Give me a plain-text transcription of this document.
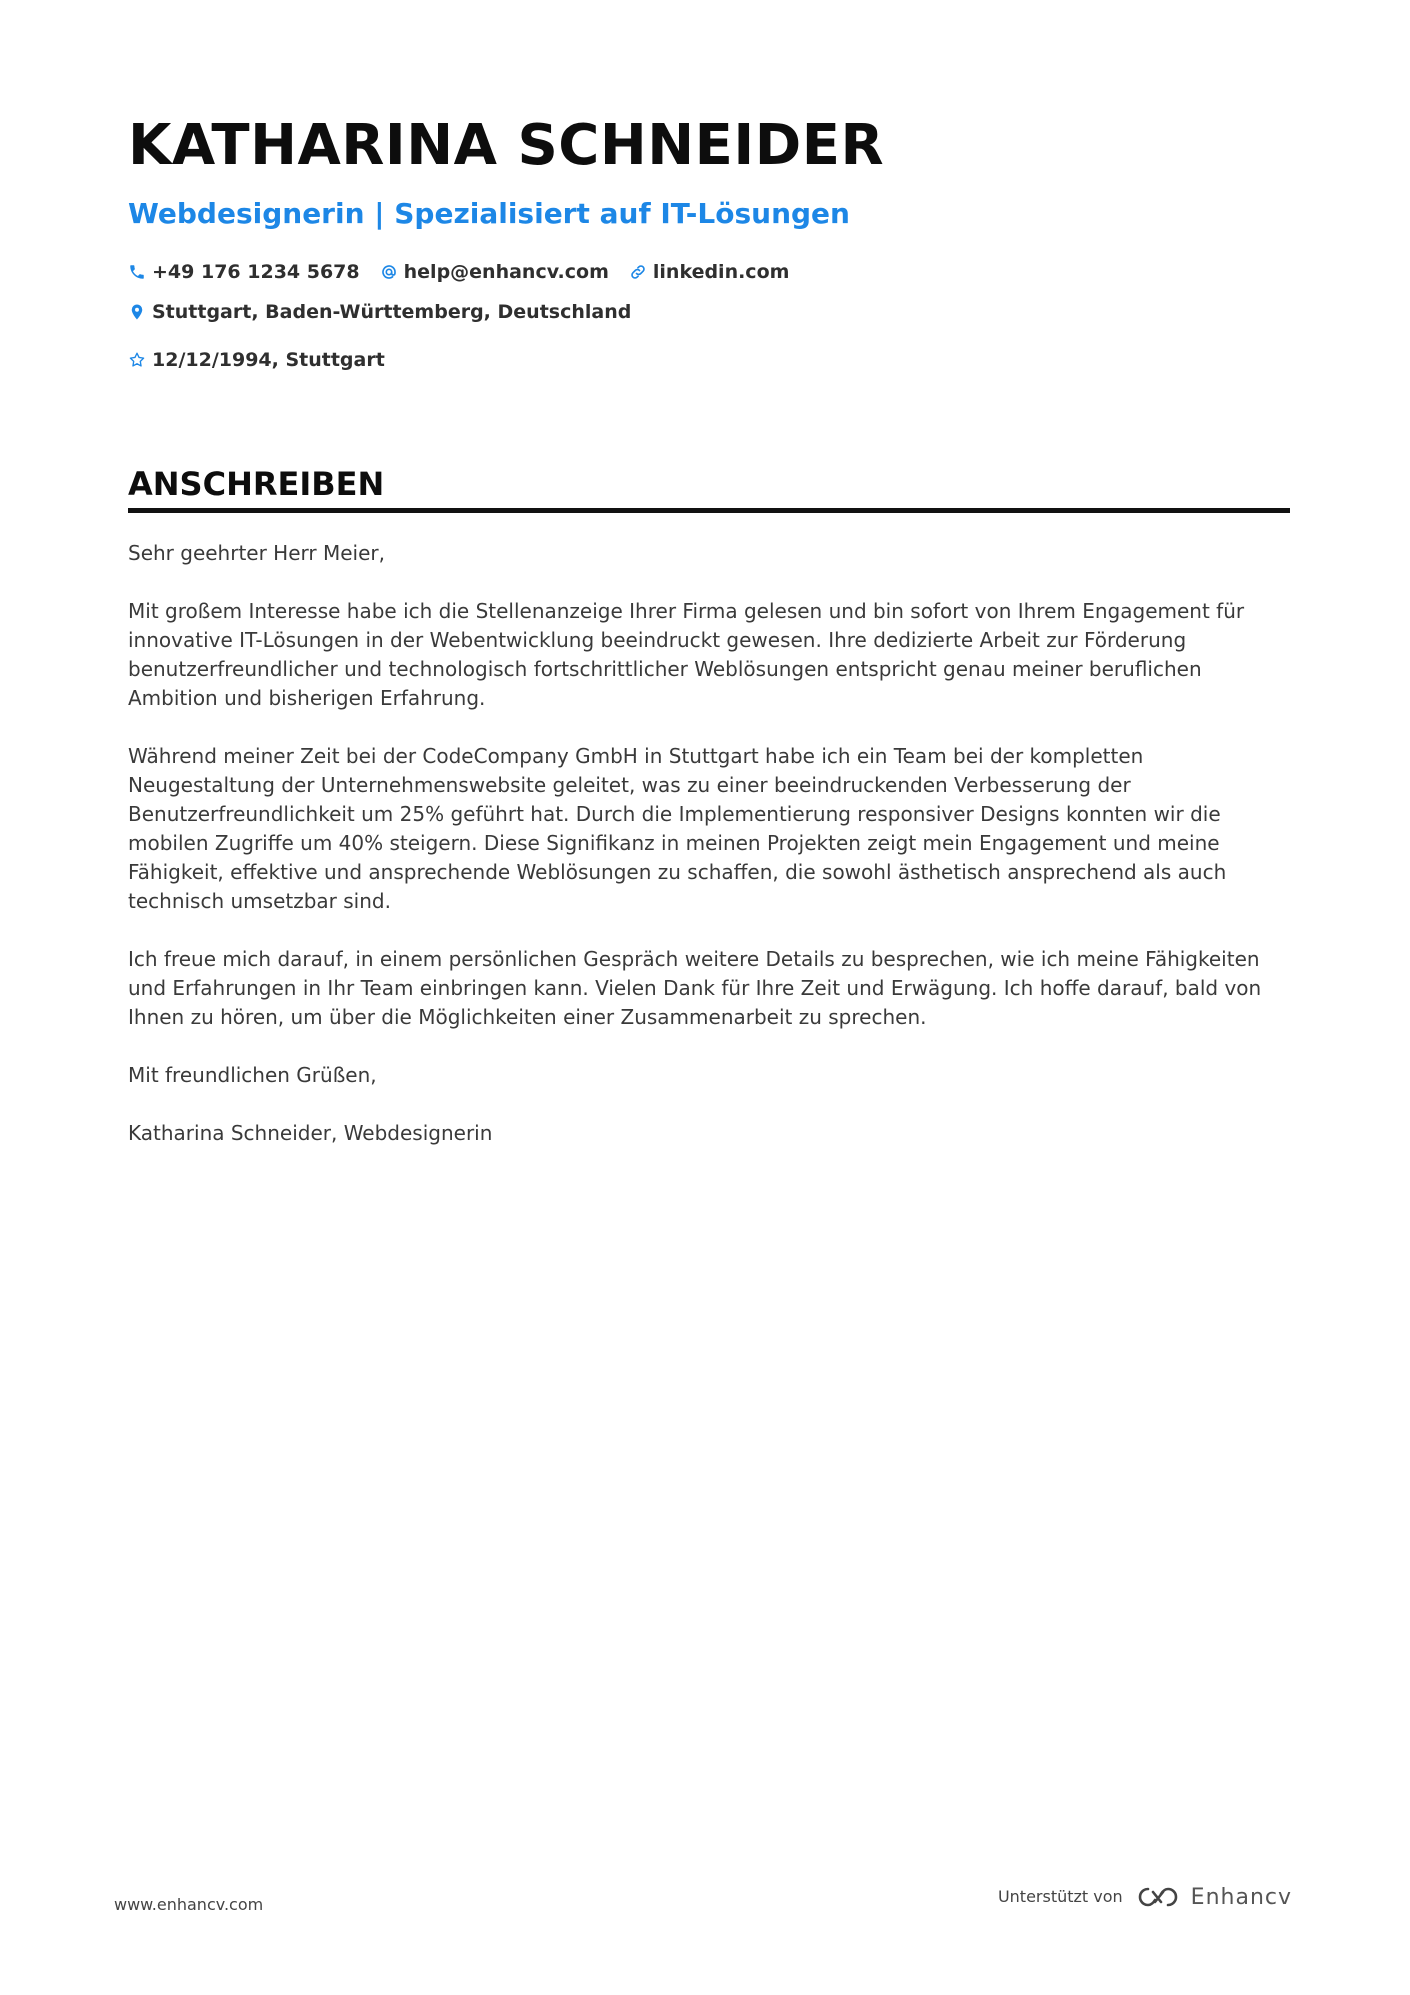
KATHARINA SCHNEIDER
Webdesignerin | Spezialisiert auf IT-Lösungen
+49 176 1234 5678 help@enhancv.com linkedin.com
Stuttgart, Baden-Württemberg, Deutschland
12/12/1994, Stuttgart
ANSCHREIBEN

Sehr geehrter Herr Meier,

Mit großem Interesse habe ich die Stellenanzeige Ihrer Firma gelesen und bin sofort von Ihrem Engagement für innovative IT-Lösungen in der Webentwicklung beeindruckt gewesen. Ihre dedizierte Arbeit zur Förderung benutzerfreundlicher und technologisch fortschrittlicher Weblösungen entspricht genau meiner beruflichen Ambition und bisherigen Erfahrung.

Während meiner Zeit bei der CodeCompany GmbH in Stuttgart habe ich ein Team bei der kompletten Neugestaltung der Unternehmenswebsite geleitet, was zu einer beeindruckenden Verbesserung der Benutzerfreundlichkeit um 25% geführt hat. Durch die Implementierung responsiver Designs konnten wir die mobilen Zugriffe um 40% steigern. Diese Signifikanz in meinen Projekten zeigt mein Engagement und meine Fähigkeit, effektive und ansprechende Weblösungen zu schaffen, die sowohl ästhetisch ansprechend als auch technisch umsetzbar sind.

Ich freue mich darauf, in einem persönlichen Gespräch weitere Details zu besprechen, wie ich meine Fähigkeiten und Erfahrungen in Ihr Team einbringen kann. Vielen Dank für Ihre Zeit und Erwägung. Ich hoffe darauf, bald von Ihnen zu hören, um über die Möglichkeiten einer Zusammenarbeit zu sprechen.

Mit freundlichen Grüßen,

Katharina Schneider, Webdesignerin

www.enhancv.com	Unterstützt von	Enhancv
